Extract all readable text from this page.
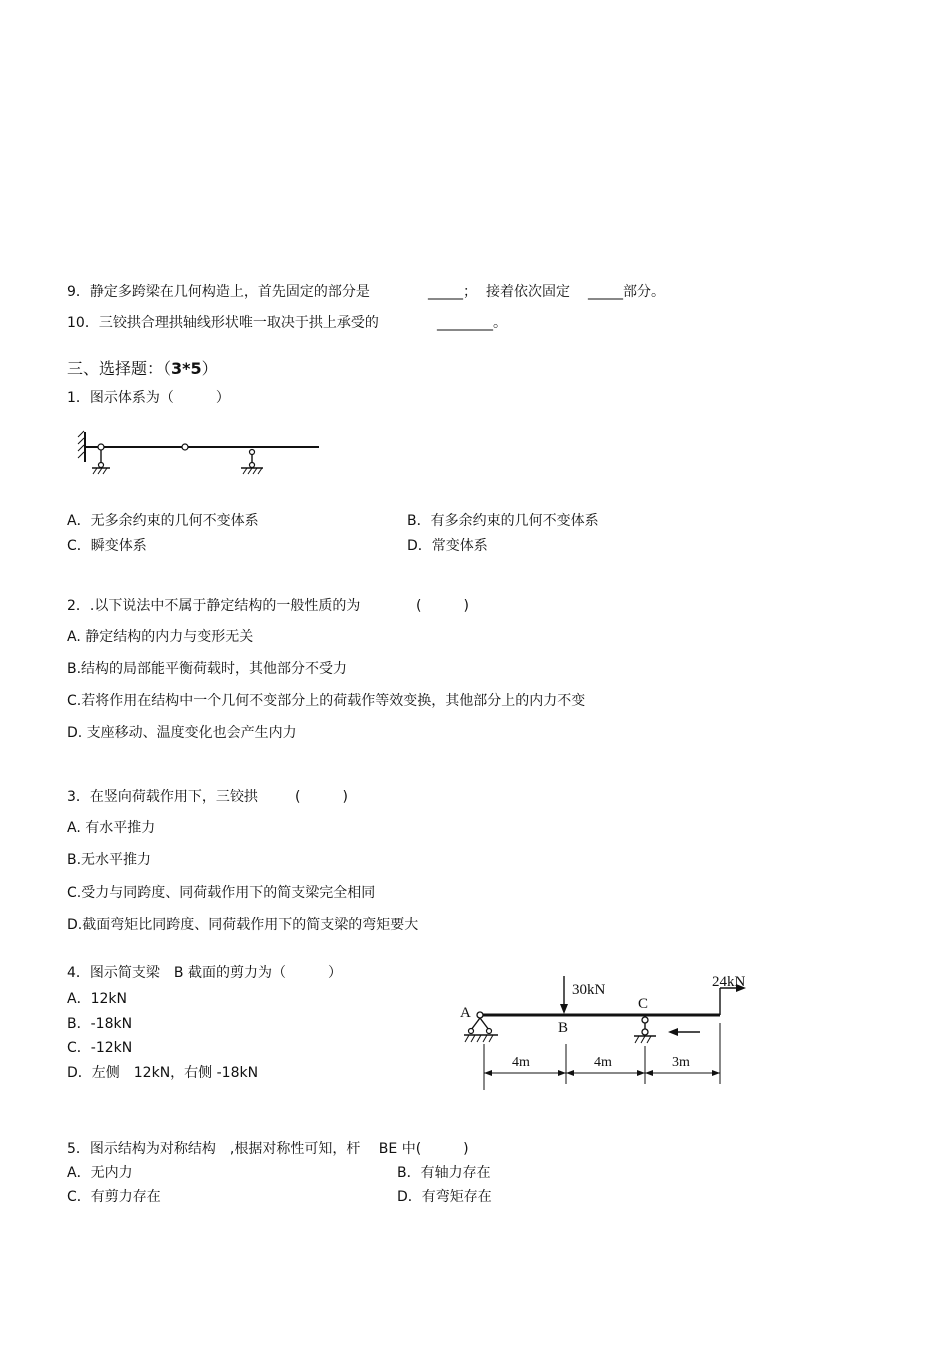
9．静定多跨梁在几何构造上，首先固定的部分是	_____； 接着依次固定 _____部分。
10．三铰拱合理拱轴线形状唯一取决于拱上承受的	________。
三、选择题：（3*5）
1．图示体系为（　　　）
A．无多余约束的几何不变体系	B．有多余约束的几何不变体系
C．瞬变体系	D．常变体系
2．.以下说法中不属于静定结构的一般性质的为	(　　　)
A. 静定结构的内力与变形无关
B.结构的局部能平衡荷载时，其他部分不受力
C.若将作用在结构中一个几何不变部分上的荷载作等效变换，其他部分上的内力不变
D. 支座移动、温度变化也会产生内力
3．在竖向荷载作用下，三铰拱	(　　　)
A. 有水平推力
B.无水平推力
C.受力与同跨度、同荷载作用下的简支梁完全相同
D.截面弯矩比同跨度、同荷载作用下的简支梁的弯矩要大
4．图示简支梁　B 截面的剪力为（　　　）
A．12kN
B．-18kN
C．-12kN
D．左侧　12kN，右侧 -18kN
30kN	24kN
A
B
C
4m	4m	3m
5．图示结构为对称结构　,根据对称性可知，杆　 BE 中(　　　)
A．无内力	B．有轴力存在
C．有剪力存在	D．有弯矩存在
